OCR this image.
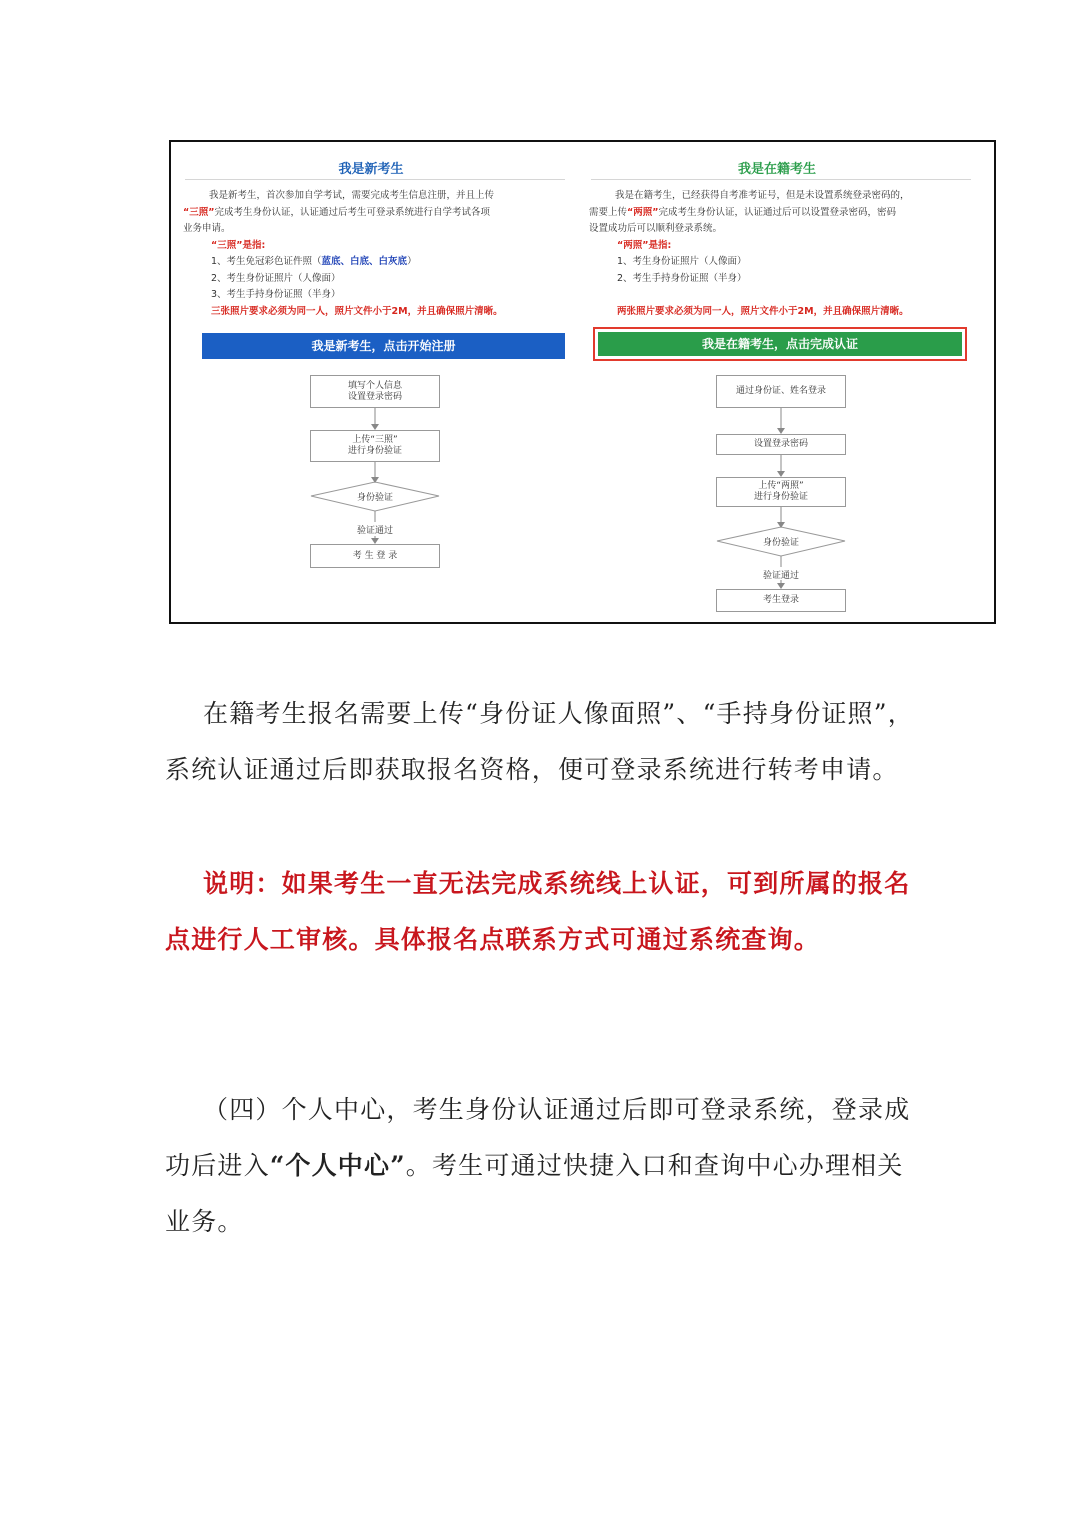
我是新考生

我是新考生，首次参加自学考试，需要完成考生信息注册，并且上传

“三照”完成考生身份认证，认证通过后考生可登录系统进行自学考试各项

业务申请。

“三照”是指:

1、考生免冠彩色证件照（蓝底、白底、白灰底）

2、考生身份证照片（人像面）

3、考生手持身份证照（半身）

三张照片要求必须为同一人，照片文件小于2M，并且确保照片清晰。

我是新考生，点击开始注册
填写个人信息
设置登录密码
上传“三照”
进行身份验证
身份验证
验证通过
考 生 登 录
我是在籍考生

我是在籍考生，已经获得自考准考证号，但是未设置系统登录密码的，

需要上传“两照”完成考生身份认证，认证通过后可以设置登录密码，密码

设置成功后可以顺利登录系统。

“两照”是指:

1、考生身份证照片（人像面）

2、考生手持身份证照（半身）

两张照片要求必须为同一人，照片文件小于2M，并且确保照片清晰。

我是在籍考生，点击完成认证
通过身份证、姓名登录
设置登录密码
上传“两照”
进行身份验证
身份验证
验证通过
考生登录

在籍考生报名需要上传“身份证人像面照”、“手持身份证照”，系统认证通过后即获取报名资格，便可登录系统进行转考申请。

说明：如果考生一直无法完成系统线上认证，可到所属的报名点进行人工审核。具体报名点联系方式可通过系统查询。

（四）个人中心，考生身份认证通过后即可登录系统，登录成功后进入“个人中心”。考生可通过快捷入口和查询中心办理相关业务。
